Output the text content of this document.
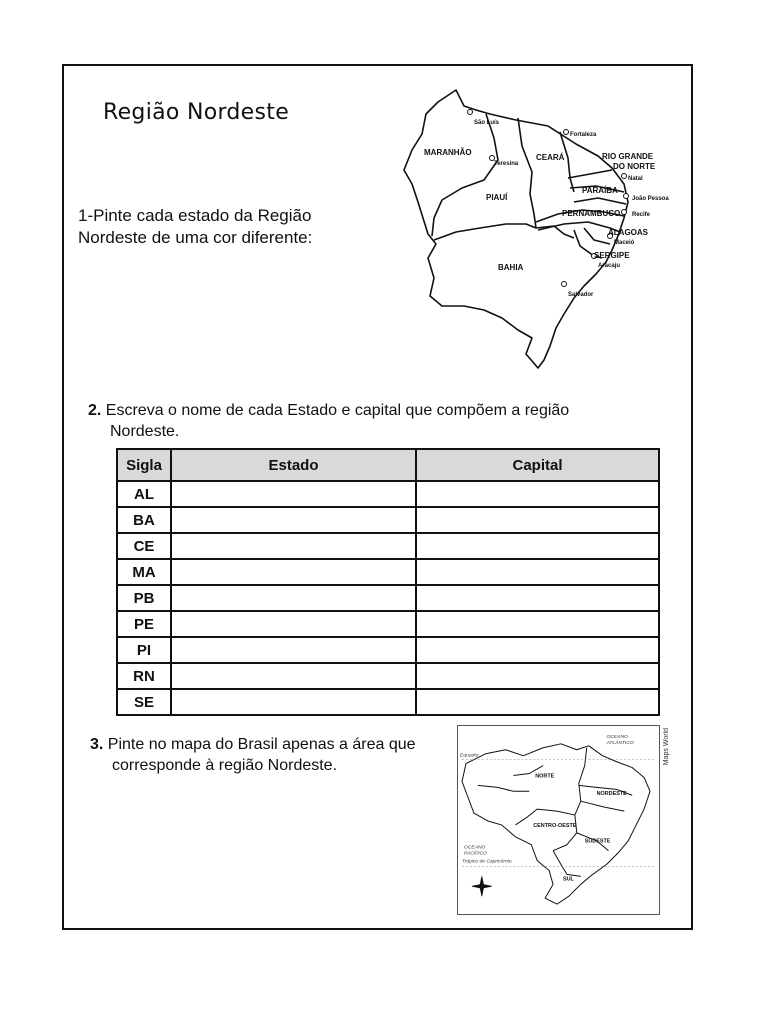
Região Nordeste
1-Pinte cada estado da Região
Nordeste de uma cor diferente:
MARANHÃO
PIAUÍ
CEARÁ	RIO GRANDE
DO NORTE
PARAÍBA
PERNAMBUCO
ALAGOAS
SERGIPE
BAHIA
São Luís
Teresina
Fortaleza
Natal
João Pessoa
Recife
Maceió
Aracaju
Salvador
2. Escreva o nome de cada Estado e capital que compõem a região
Nordeste.
Sigla	Estado	Capital
AL		
BA		
CE		
MA		
PB		
PE		
PI		
RN		
SE		
3. Pinte no mapa do Brasil apenas a área que
corresponde à região Nordeste.
NORTE
NORDESTE
CENTRO-OESTE
SUDESTE
SUL
Equador
OCEANO
ATLÂNTICO
OCEANO
PACÍFICO
Trópico de Capricórnio
Maps World
